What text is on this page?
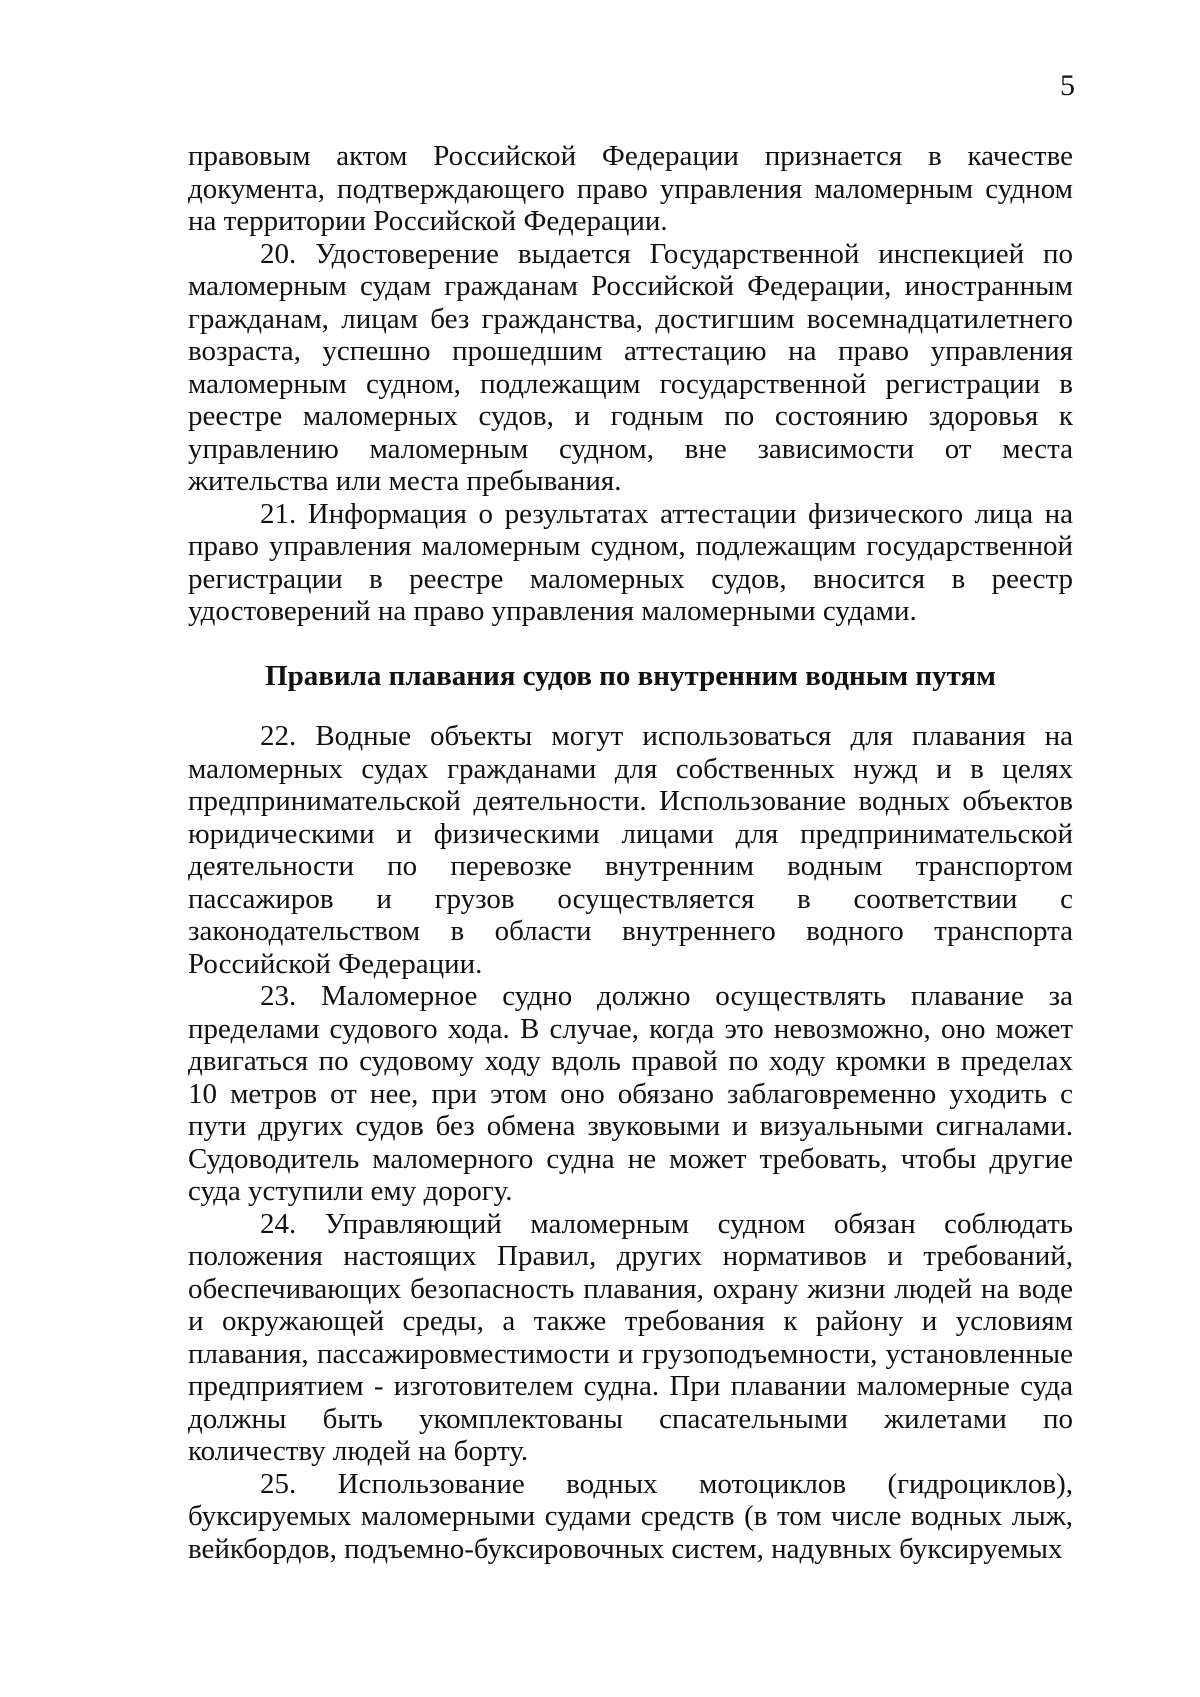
5

правовым актом Российской Федерации признается в качестве документа, подтверждающего право управления маломерным судном на территории Российской Федерации.

20. Удостоверение выдается Государственной инспекцией по маломерным судам гражданам Российской Федерации, иностранным гражданам, лицам без гражданства, достигшим восемнадцатилетнего возраста, успешно прошедшим аттестацию на право управления маломерным судном, подлежащим государственной регистрации в реестре маломерных судов, и годным по состоянию здоровья к управлению маломерным судном, вне зависимости от места жительства или места пребывания.

21. Информация о результатах аттестации физического лица на право управления маломерным судном, подлежащим государственной регистрации в реестре маломерных судов, вносится в реестр удостоверений на право управления маломерными судами.

Правила плавания судов по внутренним водным путям

22. Водные объекты могут использоваться для плавания на маломерных судах гражданами для собственных нужд и в целях предпринимательской деятельности. Использование водных объектов юридическими и физическими лицами для предпринимательской деятельности по перевозке внутренним водным транспортом пассажиров и грузов осуществляется в соответствии с законодательством в области внутреннего водного транспорта Российской Федерации.

23. Маломерное судно должно осуществлять плавание за пределами судового хода. В случае, когда это невозможно, оно может двигаться по судовому ходу вдоль правой по ходу кромки в пределах 10 метров от нее, при этом оно обязано заблаговременно уходить с пути других судов без обмена звуковыми и визуальными сигналами. Судоводитель маломерного судна не может требовать, чтобы другие суда уступили ему дорогу.

24. Управляющий маломерным судном обязан соблюдать положения настоящих Правил, других нормативов и требований, обеспечивающих безопасность плавания, охрану жизни людей на воде и окружающей среды, а также требования к району и условиям плавания, пассажировместимости и грузоподъемности, установленные предприятием - изготовителем судна. При плавании маломерные суда должны быть укомплектованы спасательными жилетами по количеству людей на борту.

25. Использование водных мотоциклов (гидроциклов), буксируемых маломерными судами средств (в том числе водных лыж, вейкбордов, подъемно-буксировочных систем, надувных буксируемых
